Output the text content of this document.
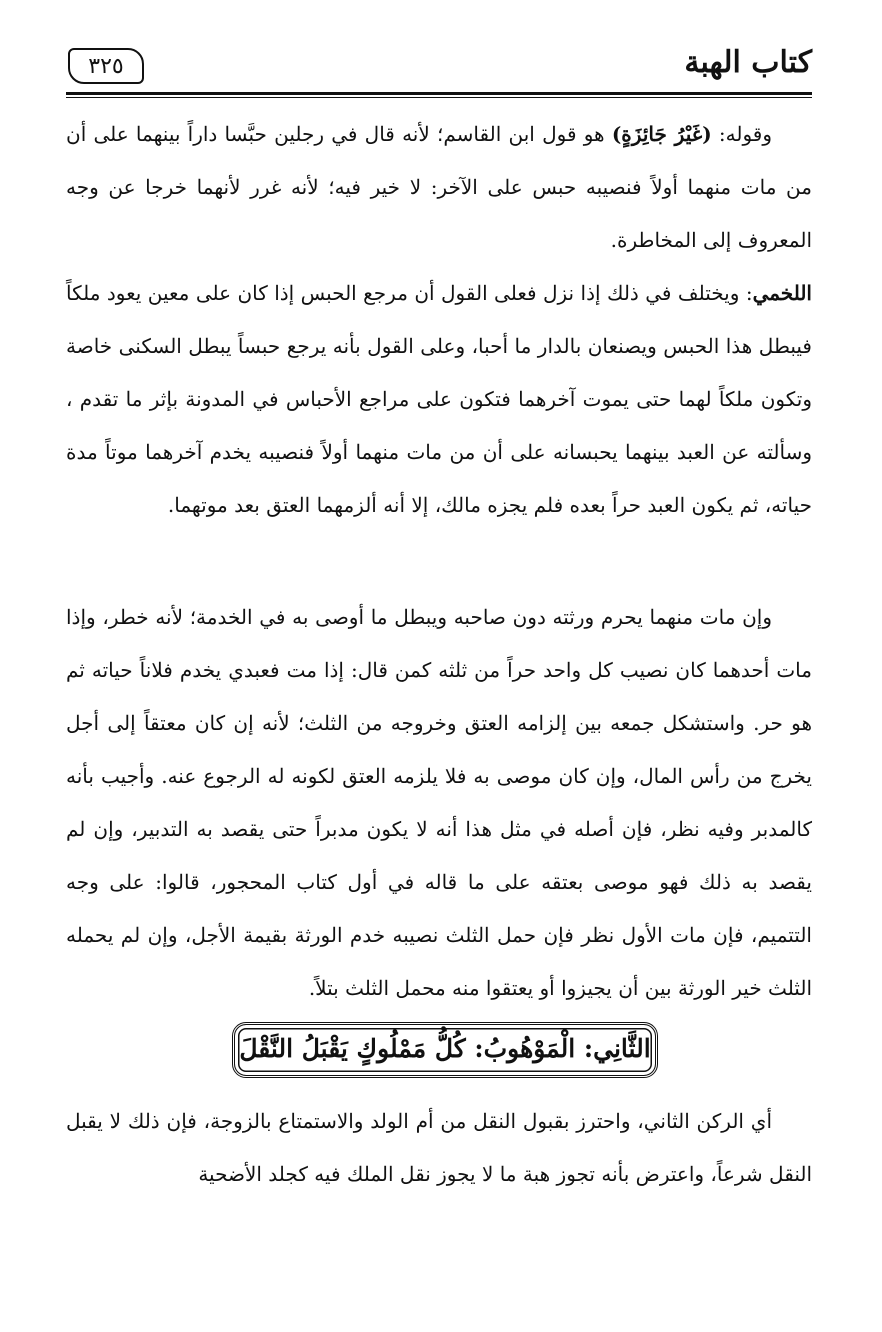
كتاب الهبة
٣٢٥

وقوله: (غَيْرُ جَائِزَةٍ) هو قول ابن القاسم؛ لأنه قال في رجلين حبَّسا داراً بينهما على أن من مات منهما أولاً فنصيبه حبس على الآخر: لا خير فيه؛ لأنه غرر لأنهما خرجا عن وجه المعروف إلى المخاطرة.

اللخمي: ويختلف في ذلك إذا نزل فعلى القول أن مرجع الحبس إذا كان على معين يعود ملكاً فيبطل هذا الحبس ويصنعان بالدار ما أحبا، وعلى القول بأنه يرجع حبساً يبطل السكنى خاصة وتكون ملكاً لهما حتى يموت آخرهما فتكون على مراجع الأحباس في المدونة بإثر ما تقدم ، وسألته عن العبد بينهما يحبسانه على أن من مات منهما أولاً فنصيبه يخدم آخرهما موتاً مدة حياته، ثم يكون العبد حراً بعده فلم يجزه مالك، إلا أنه ألزمهما العتق بعد موتهما.

وإن مات منهما يحرم ورثته دون صاحبه ويبطل ما أوصى به في الخدمة؛ لأنه خطر، وإذا مات أحدهما كان نصيب كل واحد حراً من ثلثه كمن قال: إذا مت فعبدي يخدم فلاناً حياته ثم هو حر. واستشكل جمعه بين إلزامه العتق وخروجه من الثلث؛ لأنه إن كان معتقاً إلى أجل يخرج من رأس المال، وإن كان موصى به فلا يلزمه العتق لكونه له الرجوع عنه. وأجيب بأنه كالمدبر وفيه نظر، فإن أصله في مثل هذا أنه لا يكون مدبراً حتى يقصد به التدبير، وإن لم يقصد به ذلك فهو موصى بعتقه على ما قاله في أول كتاب المحجور، قالوا: على وجه التتميم، فإن مات الأول نظر فإن حمل الثلث نصيبه خدم الورثة بقيمة الأجل، وإن لم يحمله الثلث خير الورثة بين أن يجيزوا أو يعتقوا منه محمل الثلث بتلاً.

الثَّانِي: الْمَوْهُوبُ: كُلُّ مَمْلُوكٍ يَقْبَلُ النَّقْلَ

أي الركن الثاني، واحترز بقبول النقل من أم الولد والاستمتاع بالزوجة، فإن ذلك لا يقبل النقل شرعاً، واعترض بأنه تجوز هبة ما لا يجوز نقل الملك فيه كجلد الأضحية
